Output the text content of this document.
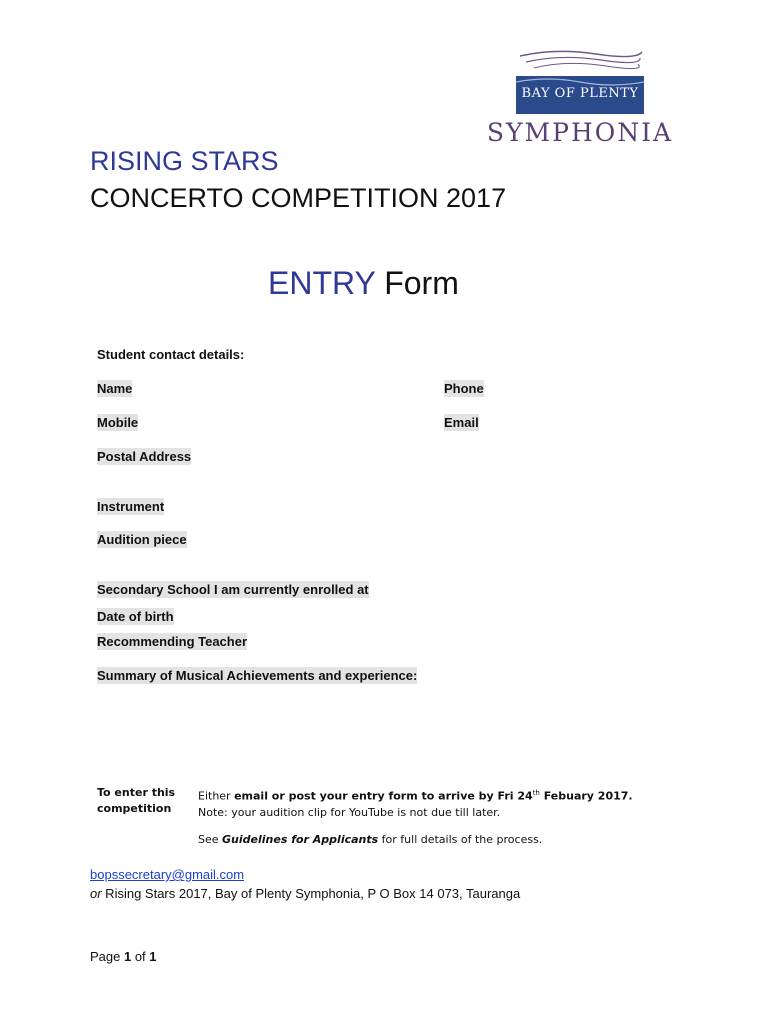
BAY OF PLENTY
SYMPHONIA
RISING STARS
CONCERTO COMPETITION 2017
ENTRY Form
Student contact details:
Name	Phone
Mobile	Email
Postal Address
Instrument
Audition piece
Secondary School I am currently enrolled at
Date of birth
Recommending Teacher
Summary of Musical Achievements and experience:
To enter this
competition
Either email or post your entry form to arrive by Fri 24th Febuary 2017.
Note: your audition clip for YouTube is not due till later.
See Guidelines for Applicants for full details of the process.
bopssecretary@gmail.com
or Rising Stars 2017, Bay of Plenty Symphonia, P O Box 14 073, Tauranga
Page 1 of 1
